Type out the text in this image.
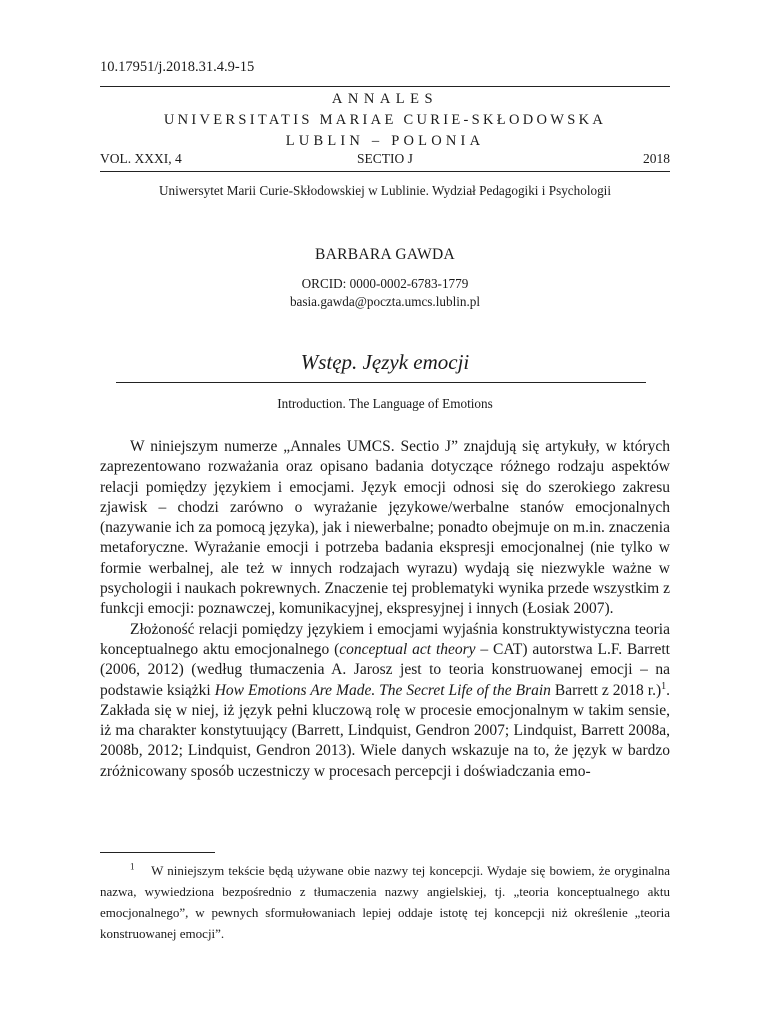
10.17951/j.2018.31.4.9-15
ANNALES
UNIVERSITATIS MARIAE CURIE-SKŁODOWSKA
LUBLIN – POLONIA
VOL. XXXI, 4	SECTIO J	2018
Uniwersytet Marii Curie-Skłodowskiej w Lublinie. Wydział Pedagogiki i Psychologii
BARBARA GAWDA
ORCID: 0000-0002-6783-1779
basia.gawda@poczta.umcs.lublin.pl
Wstęp. Język emocji
Introduction. The Language of Emotions

W niniejszym numerze „Annales UMCS. Sectio J” znajdują się artykuły, w których zaprezentowano rozważania oraz opisano badania dotyczące różnego rodzaju aspektów relacji pomiędzy językiem i emocjami. Język emocji odnosi się do szerokiego zakresu zjawisk – chodzi zarówno o wyrażanie językowe/werbalne stanów emocjonalnych (nazywanie ich za pomocą języka), jak i niewerbalne; ponadto obejmuje on m.in. znaczenia metaforyczne. Wyrażanie emocji i potrzeba badania ekspresji emocjonalnej (nie tylko w formie werbalnej, ale też w innych rodzajach wyrazu) wydają się niezwykle ważne w psychologii i naukach pokrewnych. Znaczenie tej problematyki wynika przede wszystkim z funkcji emocji: poznawczej, komunikacyjnej, ekspresyjnej i innych (Łosiak 2007).

Złożoność relacji pomiędzy językiem i emocjami wyjaśnia konstruktywistyczna teoria konceptualnego aktu emocjonalnego (conceptual act theory – CAT) autorstwa L.F. Barrett (2006, 2012) (według tłumaczenia A. Jarosz jest to teoria konstruowanej emocji – na podstawie książki How Emotions Are Made. The Secret Life of the Brain Barrett z 2018 r.)$^1$. Zakłada się w niej, iż język pełni kluczową rolę w procesie emocjonalnym w takim sensie, iż ma charakter konstytuujący (Barrett, Lindquist, Gendron 2007; Lindquist, Barrett 2008a, 2008b, 2012; Lindquist, Gendron 2013). Wiele danych wskazuje na to, że język w bardzo zróżnicowany sposób uczestniczy w procesach percepcji i doświadczania emo-

$^1$ W niniejszym tekście będą używane obie nazwy tej koncepcji. Wydaje się bowiem, że oryginalna nazwa, wywiedziona bezpośrednio z tłumaczenia nazwy angielskiej, tj. „teoria konceptualnego aktu emocjonalnego”, w pewnych sformułowaniach lepiej oddaje istotę tej koncepcji niż określenie „teoria konstruowanej emocji”.
